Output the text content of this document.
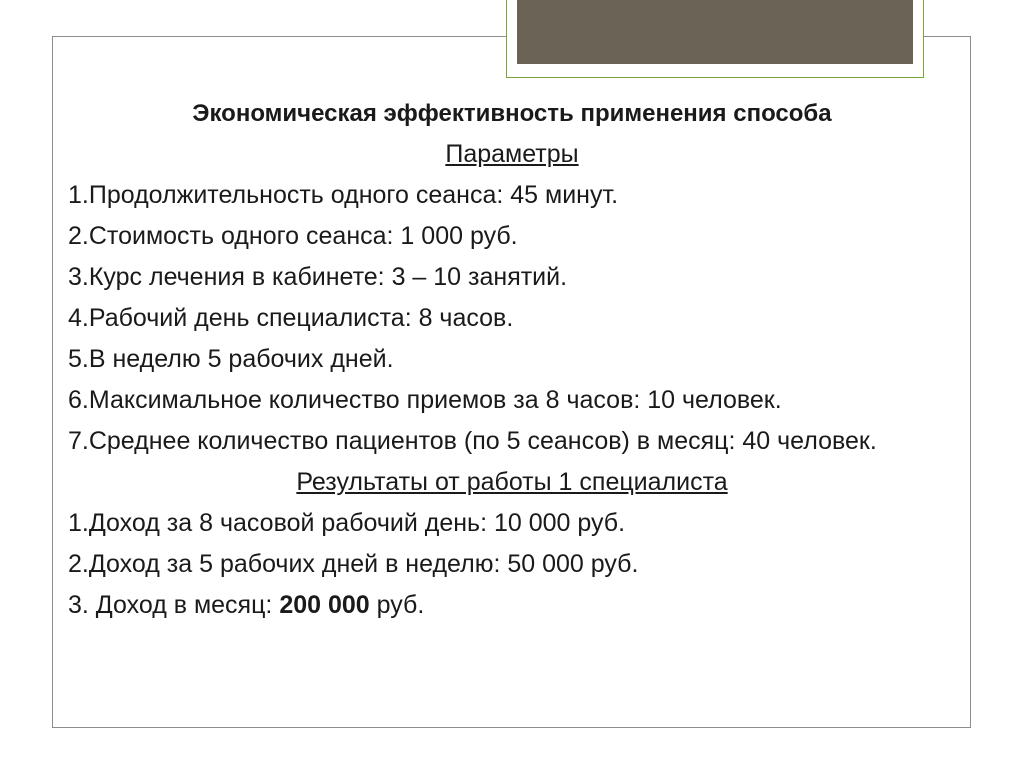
Экономическая эффективность применения способа

Параметры

1.Продолжительность одного сеанса: 45 минут.

2.Стоимость одного сеанса: 1 000 руб.

3.Курс лечения в кабинете: 3 – 10 занятий.

4.Рабочий день специалиста: 8 часов.

5.В неделю 5 рабочих дней.

6.Максимальное количество приемов за 8 часов: 10 человек.

7.Среднее количество пациентов (по 5 сеансов) в месяц: 40 человек.

Результаты от работы 1 специалиста

1.Доход за 8 часовой рабочий день: 10 000 руб.

2.Доход за 5 рабочих дней в неделю: 50 000 руб.

3. Доход в месяц: 200 000 руб.
